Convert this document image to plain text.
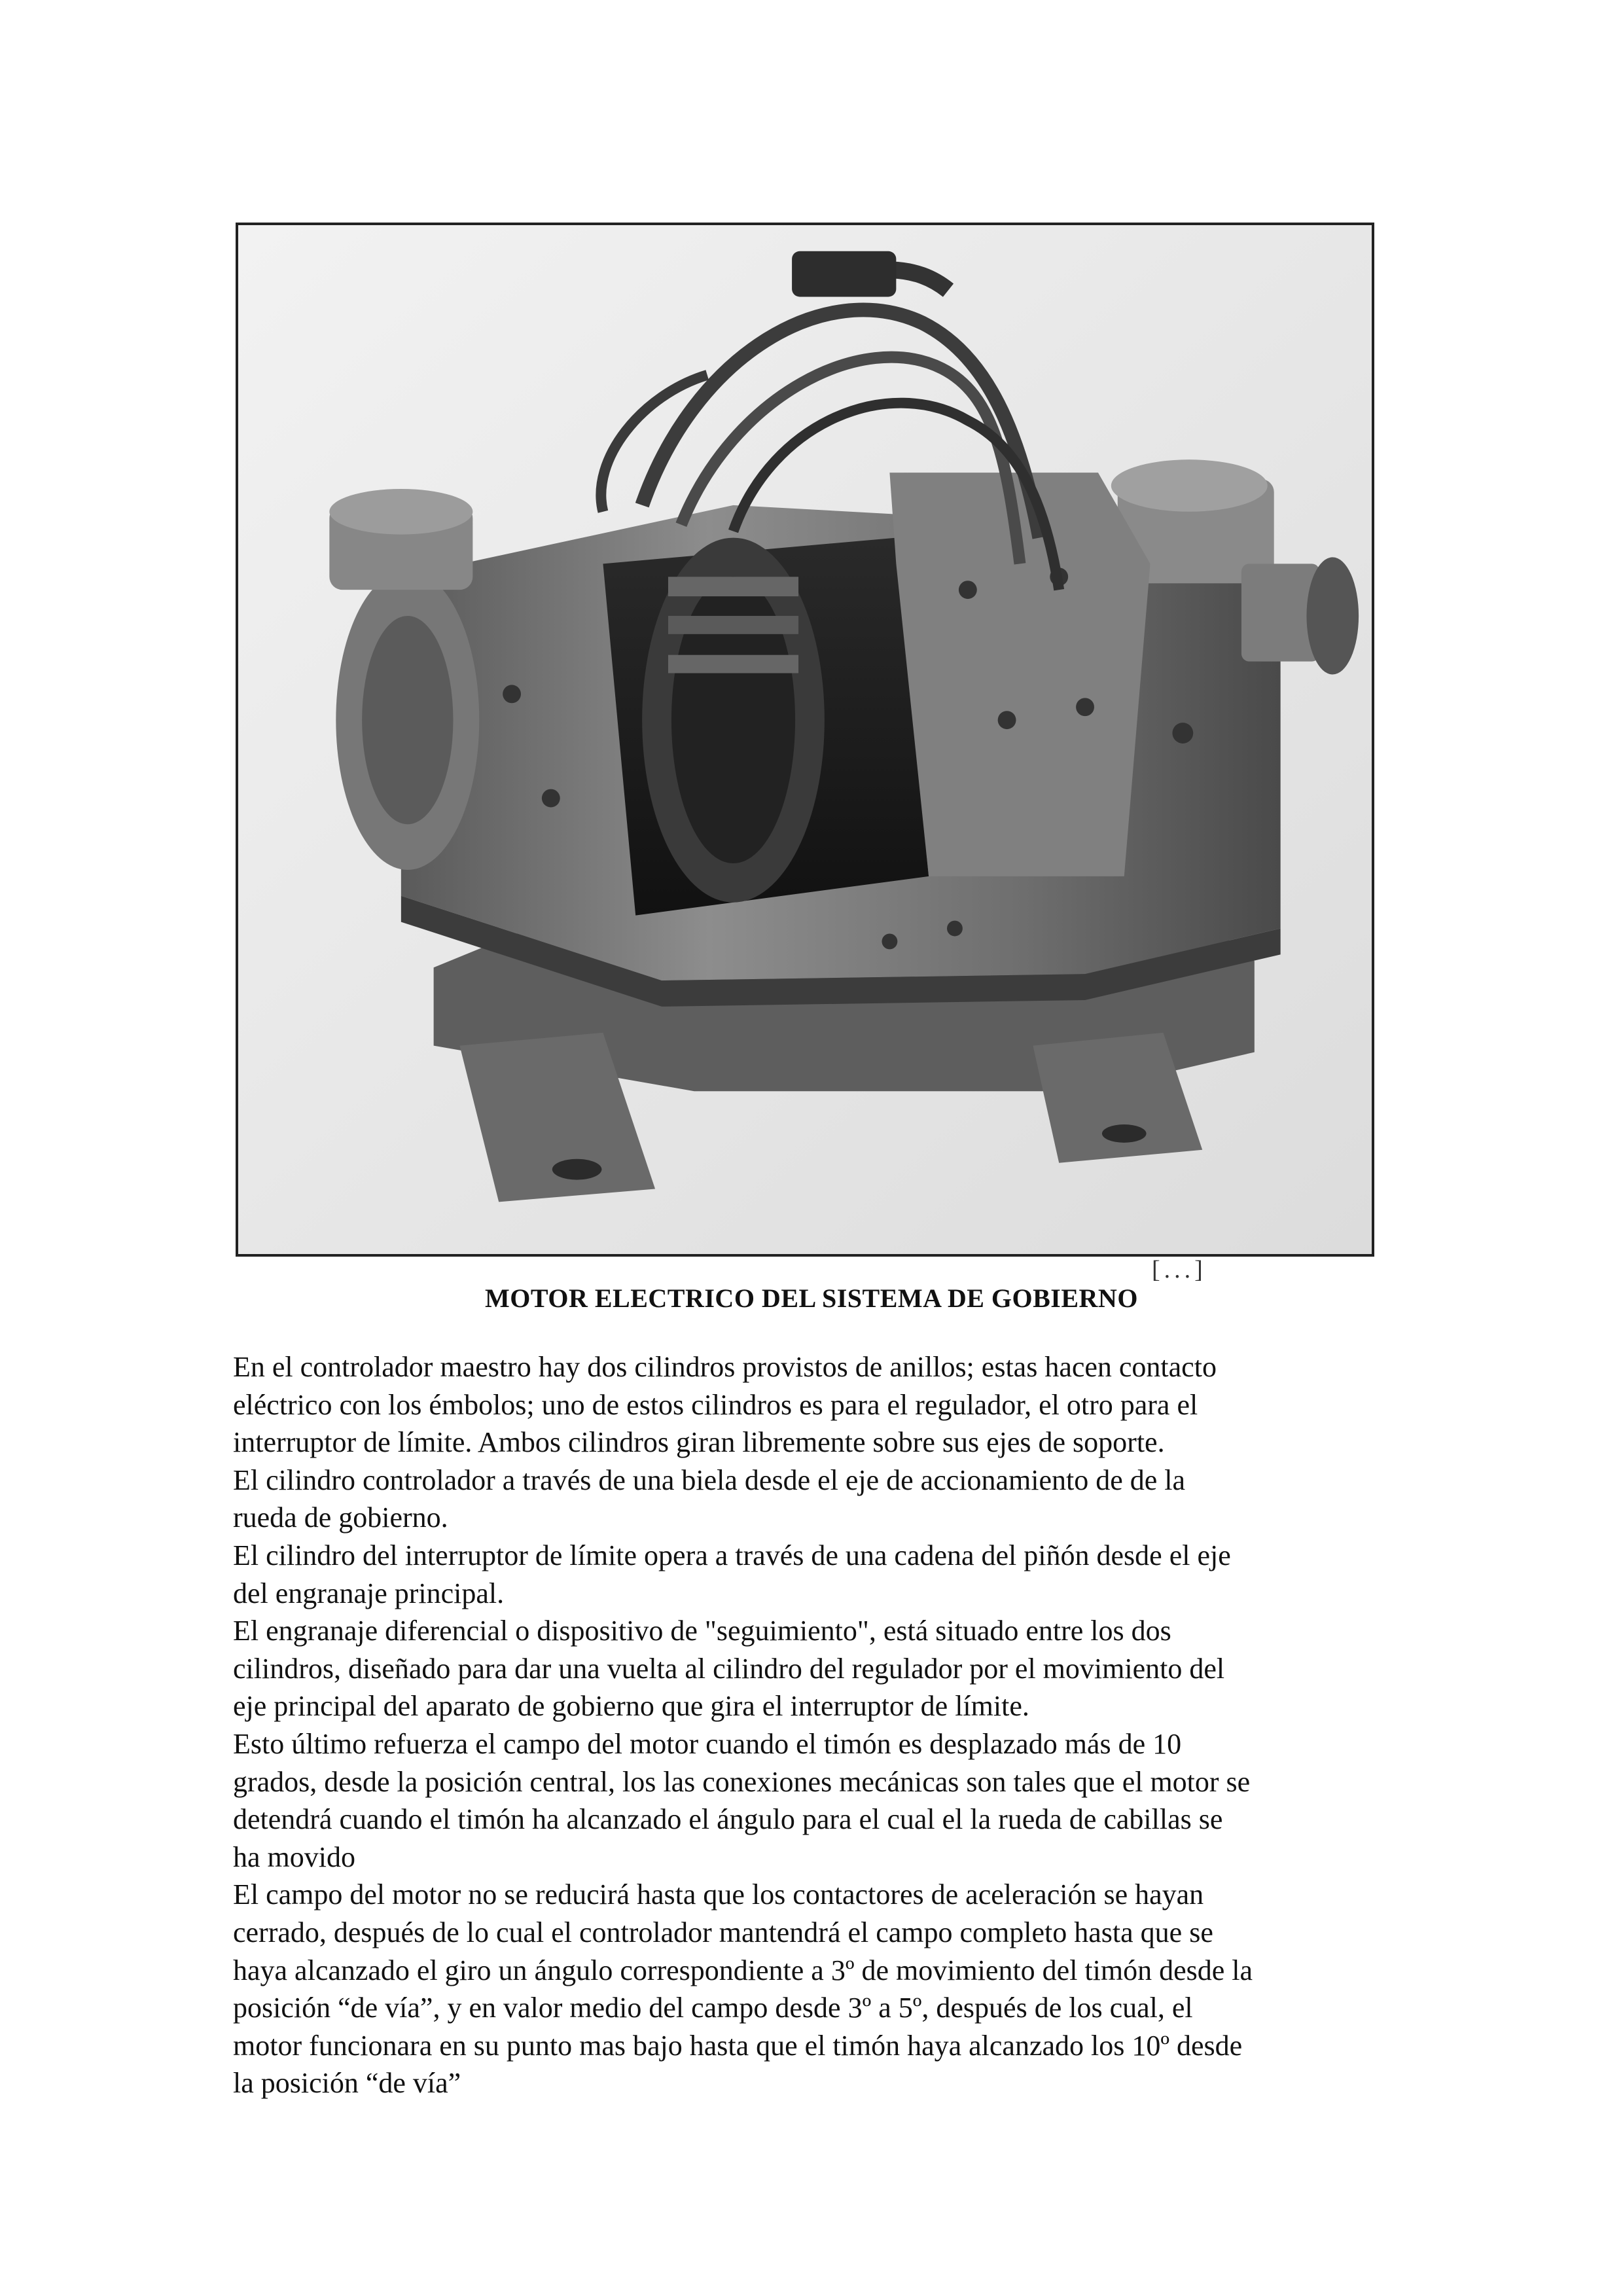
[...]
MOTOR ELECTRICO DEL SISTEMA DE GOBIERNO
En el controlador maestro hay dos cilindros provistos de anillos; estas hacen contacto
eléctrico con los émbolos; uno de estos cilindros es para el regulador, el otro para el
interruptor de límite. Ambos cilindros giran libremente sobre sus ejes de soporte.
El cilindro controlador a través de una biela desde el eje de accionamiento de de la
rueda de gobierno.
El cilindro del interruptor de límite opera a través de una cadena del piñón desde el eje
del engranaje principal.
El engranaje diferencial o dispositivo de "seguimiento", está situado entre los dos
cilindros, diseñado para dar una vuelta al cilindro del regulador por el movimiento del
eje principal del aparato de gobierno que gira el interruptor de límite.
Esto último refuerza el campo del motor cuando el timón es desplazado más de 10
grados, desde la posición central, los las conexiones mecánicas son tales que el motor se
detendrá cuando el timón ha alcanzado el ángulo para el cual el la rueda de cabillas se
ha movido
El campo del motor no se reducirá hasta que los contactores de aceleración se hayan
cerrado, después de lo cual el controlador mantendrá el campo completo hasta que se
haya alcanzado el giro un ángulo correspondiente a 3º de movimiento del timón desde la
posición “de vía”, y en valor medio del campo desde 3º a 5º, después de los cual, el
motor funcionara en su punto mas bajo hasta que el timón haya alcanzado los 10º desde
la posición “de vía”
